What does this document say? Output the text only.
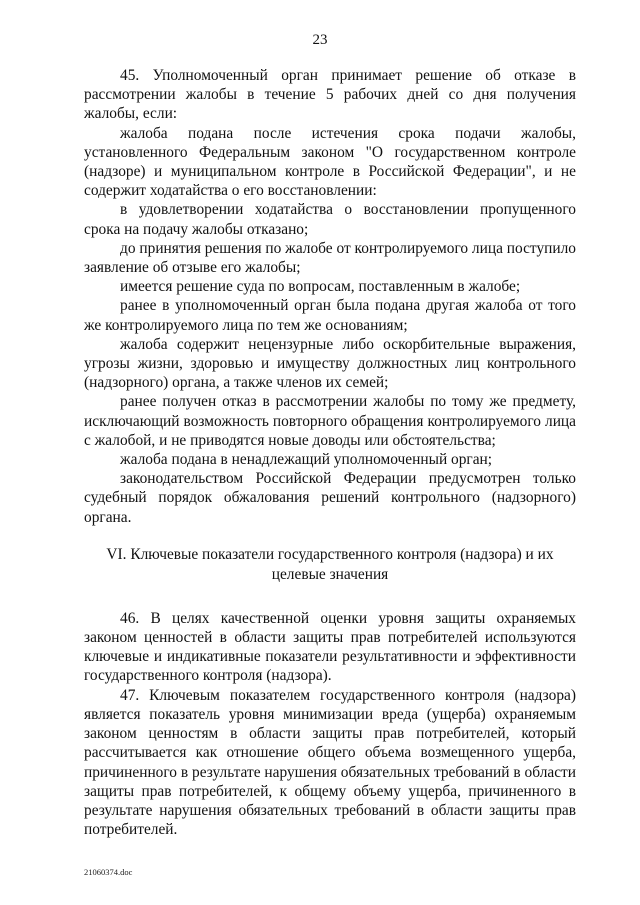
23

45. Уполномоченный орган принимает решение об отказе в рассмотрении жалобы в течение 5 рабочих дней со дня получения жалобы, если:

жалоба подана после истечения срока подачи жалобы, установленного Федеральным законом "О государственном контроле (надзоре) и муниципальном контроле в Российской Федерации", и не содержит ходатайства о его восстановлении:

в удовлетворении ходатайства о восстановлении пропущенного срока на подачу жалобы отказано;

до принятия решения по жалобе от контролируемого лица поступило заявление об отзыве его жалобы;

имеется решение суда по вопросам, поставленным в жалобе;

ранее в уполномоченный орган была подана другая жалоба от того же контролируемого лица по тем же основаниям;

жалоба содержит нецензурные либо оскорбительные выражения, угрозы жизни, здоровью и имуществу должностных лиц контрольного (надзорного) органа, а также членов их семей;

ранее получен отказ в рассмотрении жалобы по тому же предмету, исключающий возможность повторного обращения контролируемого лица с жалобой, и не приводятся новые доводы или обстоятельства;

жалоба подана в ненадлежащий уполномоченный орган;

законодательством Российской Федерации предусмотрен только судебный порядок обжалования решений контрольного (надзорного) органа.

VI. Ключевые показатели государственного контроля (надзора) и их
целевые значения

46. В целях качественной оценки уровня защиты охраняемых законом ценностей в области защиты прав потребителей используются ключевые и индикативные показатели результативности и эффективности государственного контроля (надзора).

47. Ключевым показателем государственного контроля (надзора) является показатель уровня минимизации вреда (ущерба) охраняемым законом ценностям в области защиты прав потребителей, который рассчитывается как отношение общего объема возмещенного ущерба, причиненного в результате нарушения обязательных требований в области защиты прав потребителей, к общему объему ущерба, причиненного в результате нарушения обязательных требований в области защиты прав потребителей.

21060374.doc
